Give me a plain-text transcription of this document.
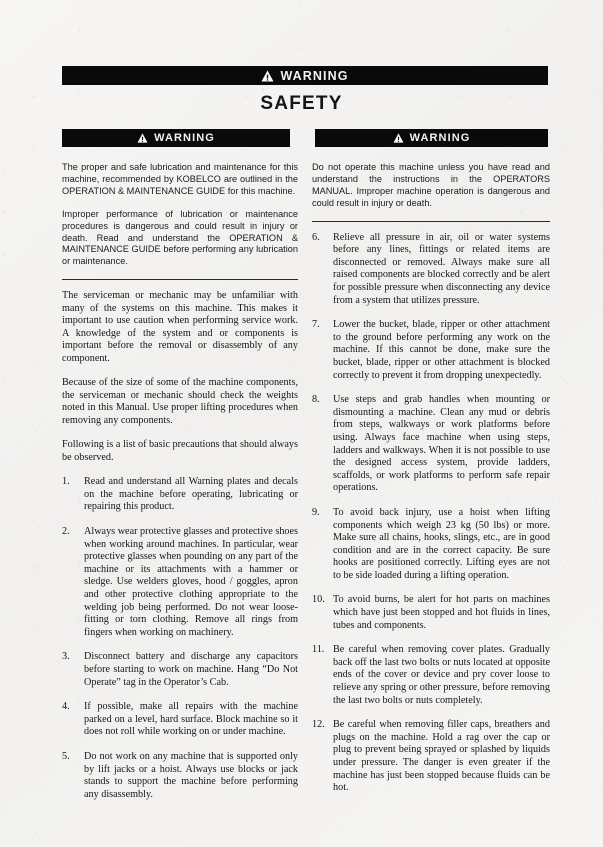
WARNING
SAFETY
WARNING	WARNING

The proper and safe lubrication and maintenance for this machine, recommended by KOBELCO are outlined in the OPERATION & MAINTENANCE GUIDE for this machine.

Improper performance of lubrication or maintenance procedures is dangerous and could result in injury or death. Read and understand the OPERATION & MAINTENANCE GUIDE before performing any lubrication or maintenance.

The serviceman or mechanic may be unfamiliar with many of the systems on this machine. This makes it important to use caution when performing service work. A knowledge of the system and or components is important before the removal or disassembly of any component.

Because of the size of some of the machine components, the serviceman or mechanic should check the weights noted in this Manual. Use proper lifting procedures when removing any components.

Following is a list of basic precautions that should always be observed.

1.	Read and understand all Warning plates and decals on the machine before operating, lubricating or repairing this product.
2.	Always wear protective glasses and protective shoes when working around machines. In particular, wear protective glasses when pounding on any part of the machine or its attachments with a hammer or sledge. Use welders gloves, hood / goggles, apron and other protective clothing appropriate to the welding job being performed. Do not wear loose-fitting or torn clothing. Remove all rings from fingers when working on machinery.
3.	Disconnect battery and discharge any capacitors before starting to work on machine. Hang “Do Not Operate” tag in the Operator’s Cab.
4.	If possible, make all repairs with the machine parked on a level, hard surface. Block machine so it does not roll while working on or under machine.
5.	Do not work on any machine that is supported only by lift jacks or a hoist. Always use blocks or jack stands to support the machine before performing any disassembly.

Do not operate this machine unless you have read and understand the instructions in the OPERATORS MANUAL. Improper machine operation is dangerous and could result in injury or death.

6.	Relieve all pressure in air, oil or water systems before any lines, fittings or related items are disconnected or removed. Always make sure all raised components are blocked correctly and be alert for possible pressure when disconnecting any device from a system that utilizes pressure.
7.	Lower the bucket, blade, ripper or other attachment to the ground before performing any work on the machine. If this cannot be done, make sure the bucket, blade, ripper or other attachment is blocked correctly to prevent it from dropping unexpectedly.
8.	Use steps and grab handles when mounting or dismounting a machine. Clean any mud or debris from steps, walkways or work platforms before using. Always face machine when using steps, ladders and walkways. When it is not possible to use the designed access system, provide ladders, scaffolds, or work platforms to perform safe repair operations.
9.	To avoid back injury, use a hoist when lifting components which weigh 23 kg (50 lbs) or more. Make sure all chains, hooks, slings, etc., are in good condition and are in the correct capacity. Be sure hooks are positioned correctly. Lifting eyes are not to be side loaded during a lifting operation.
10. To avoid burns, be alert for hot parts on machines which have just been stopped and hot fluids in lines, tubes and components.
11. Be careful when removing cover plates. Gradually back off the last two bolts or nuts located at opposite ends of the cover or device and pry cover loose to relieve any spring or other pressure, before removing the last two bolts or nuts completely.
12. Be careful when removing filler caps, breathers and plugs on the machine. Hold a rag over the cap or plug to prevent being sprayed or splashed by liquids under pressure. The danger is even greater if the machine has just been stopped because fluids can be hot.
